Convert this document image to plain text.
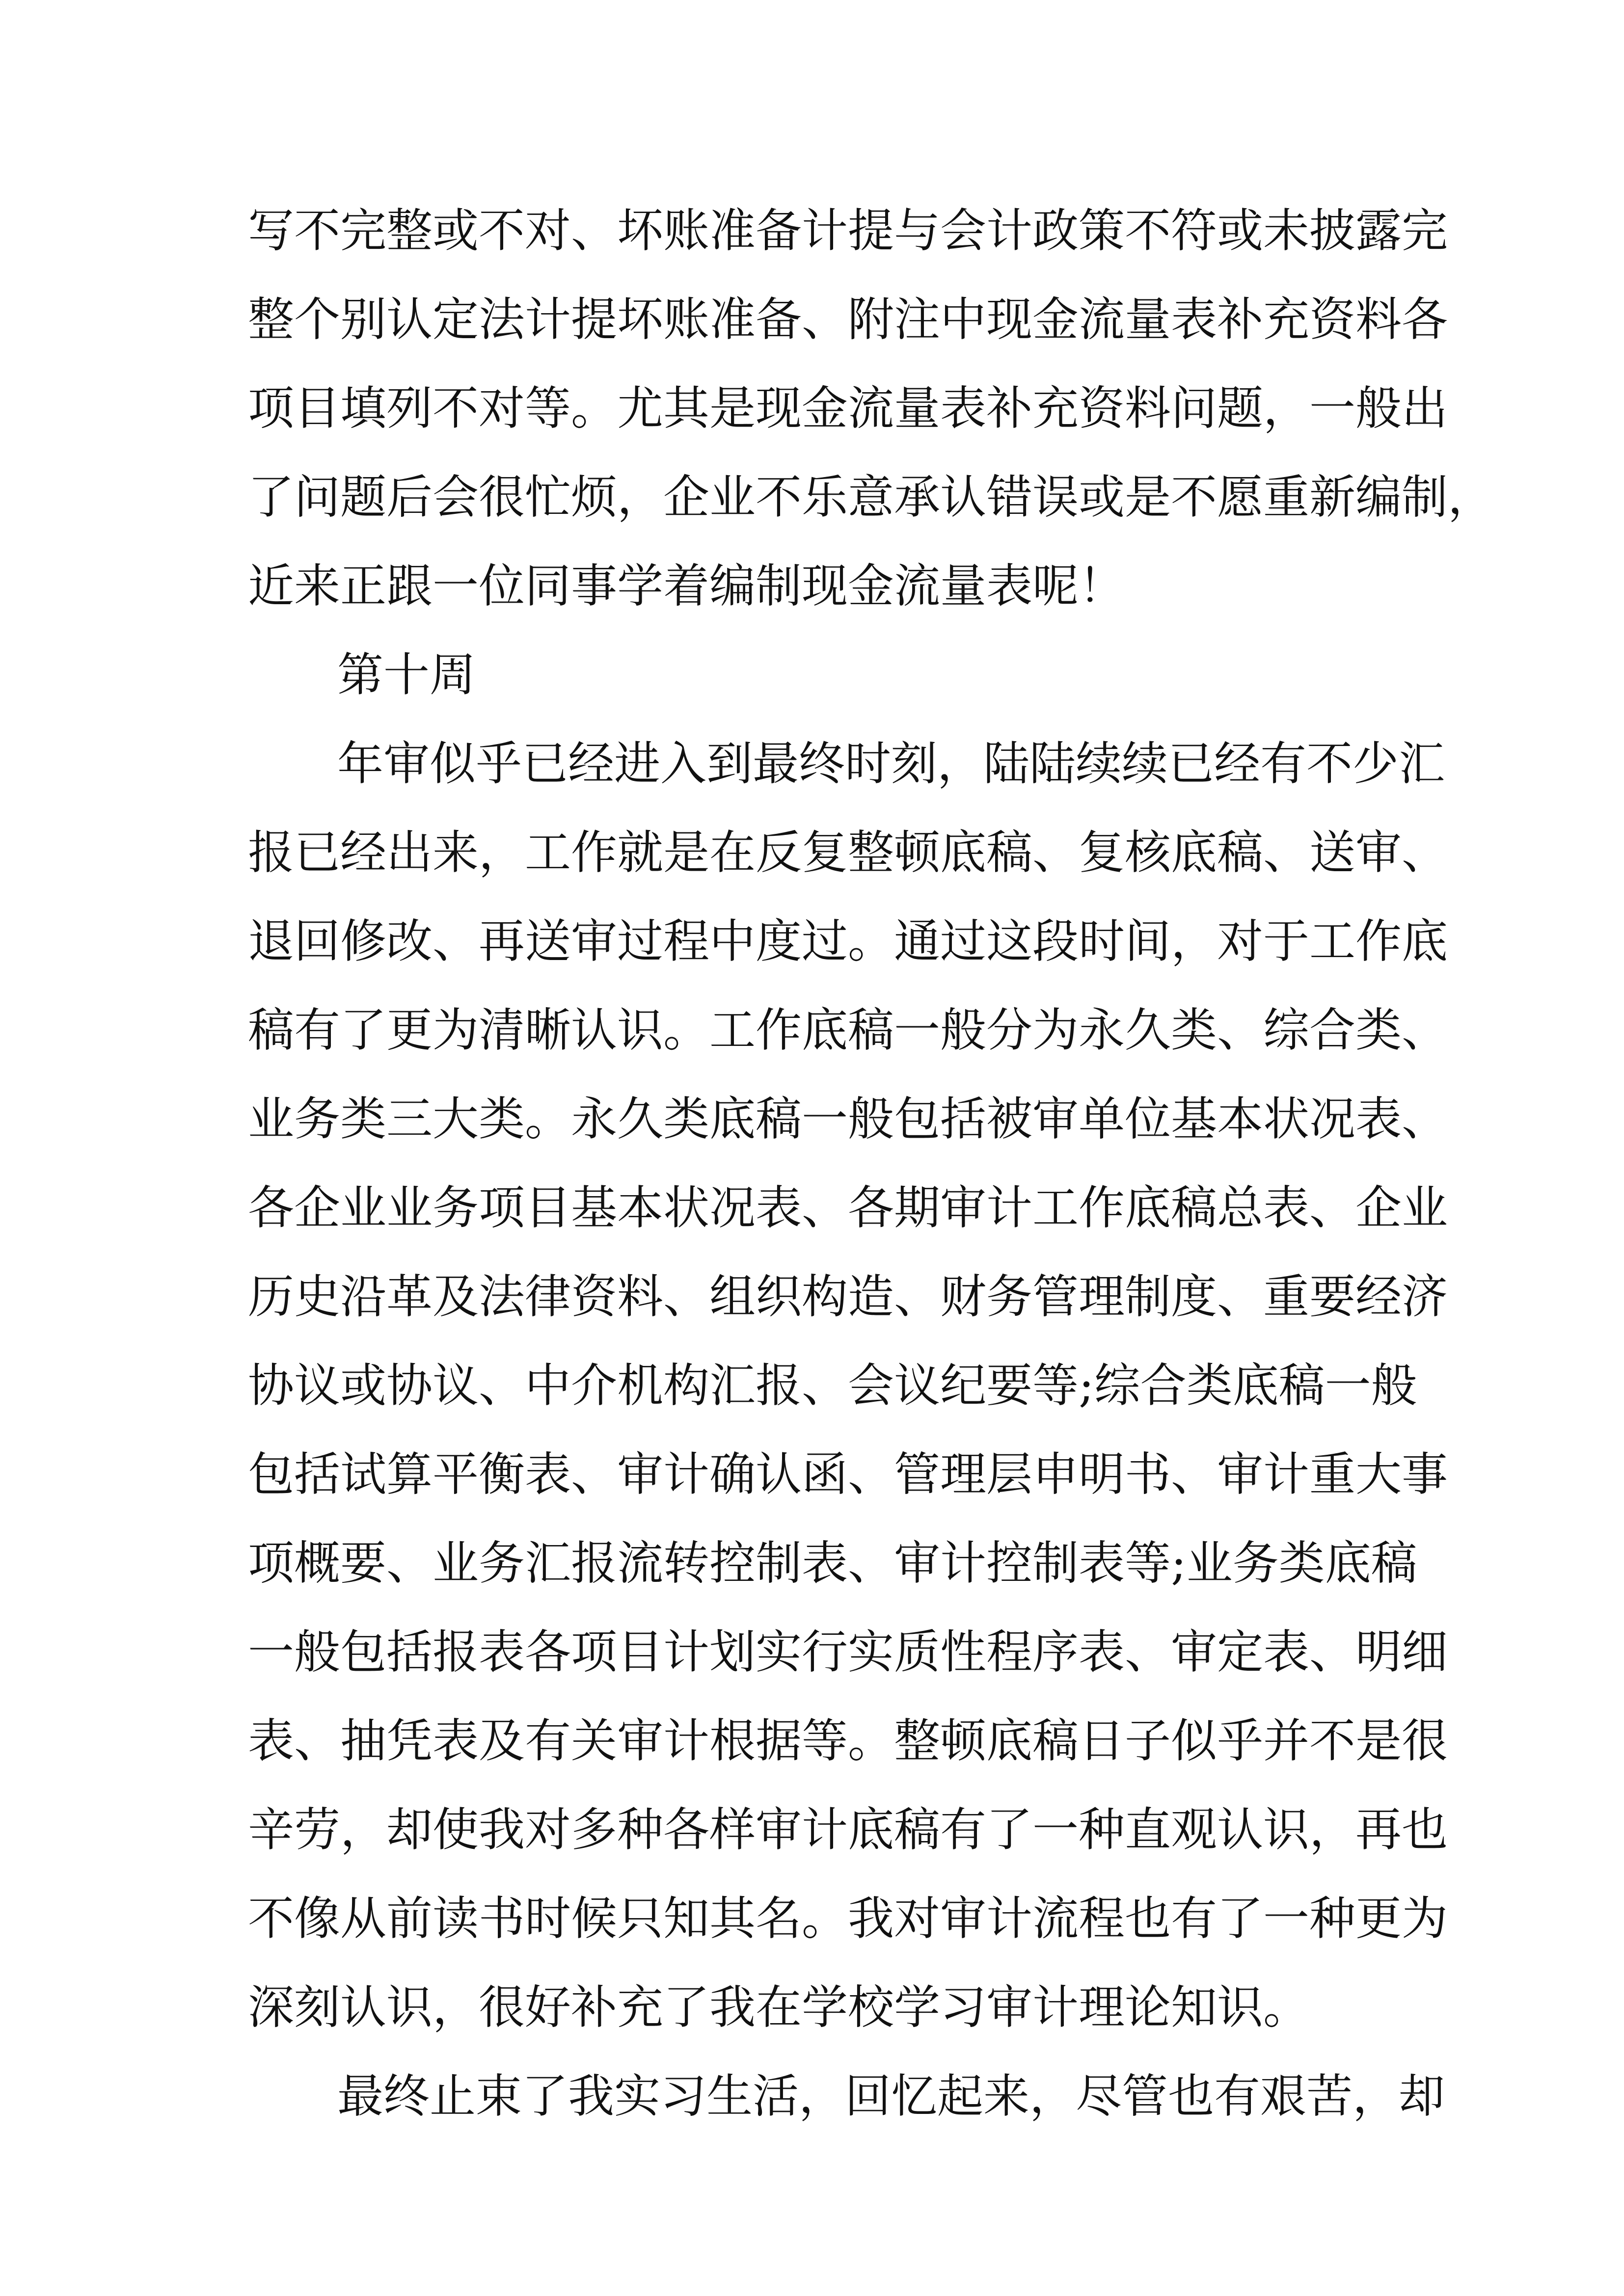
写不完整或不对、坏账准备计提与会计政策不符或未披露完
整个别认定法计提坏账准备、附注中现金流量表补充资料各
项目填列不对等。尤其是现金流量表补充资料问题，一般出
了问题后会很忙烦，企业不乐意承认错误或是不愿重新编制，
近来正跟一位同事学着编制现金流量表呢！
第十周
年审似乎已经进入到最终时刻，陆陆续续已经有不少汇
报已经出来，工作就是在反复整顿底稿、复核底稿、送审、
退回修改、再送审过程中度过。通过这段时间，对于工作底
稿有了更为清晰认识。工作底稿一般分为永久类、综合类、
业务类三大类。永久类底稿一般包括被审单位基本状况表、
各企业业务项目基本状况表、各期审计工作底稿总表、企业
历史沿革及法律资料、组织构造、财务管理制度、重要经济
协议或协议、中介机构汇报、会议纪要等;综合类底稿一般
包括试算平衡表、审计确认函、管理层申明书、审计重大事
项概要、业务汇报流转控制表、审计控制表等;业务类底稿
一般包括报表各项目计划实行实质性程序表、审定表、明细
表、抽凭表及有关审计根据等。整顿底稿日子似乎并不是很
辛劳，却使我对多种各样审计底稿有了一种直观认识，再也
不像从前读书时候只知其名。我对审计流程也有了一种更为
深刻认识，很好补充了我在学校学习审计理论知识。
最终止束了我实习生活，回忆起来，尽管也有艰苦，却
